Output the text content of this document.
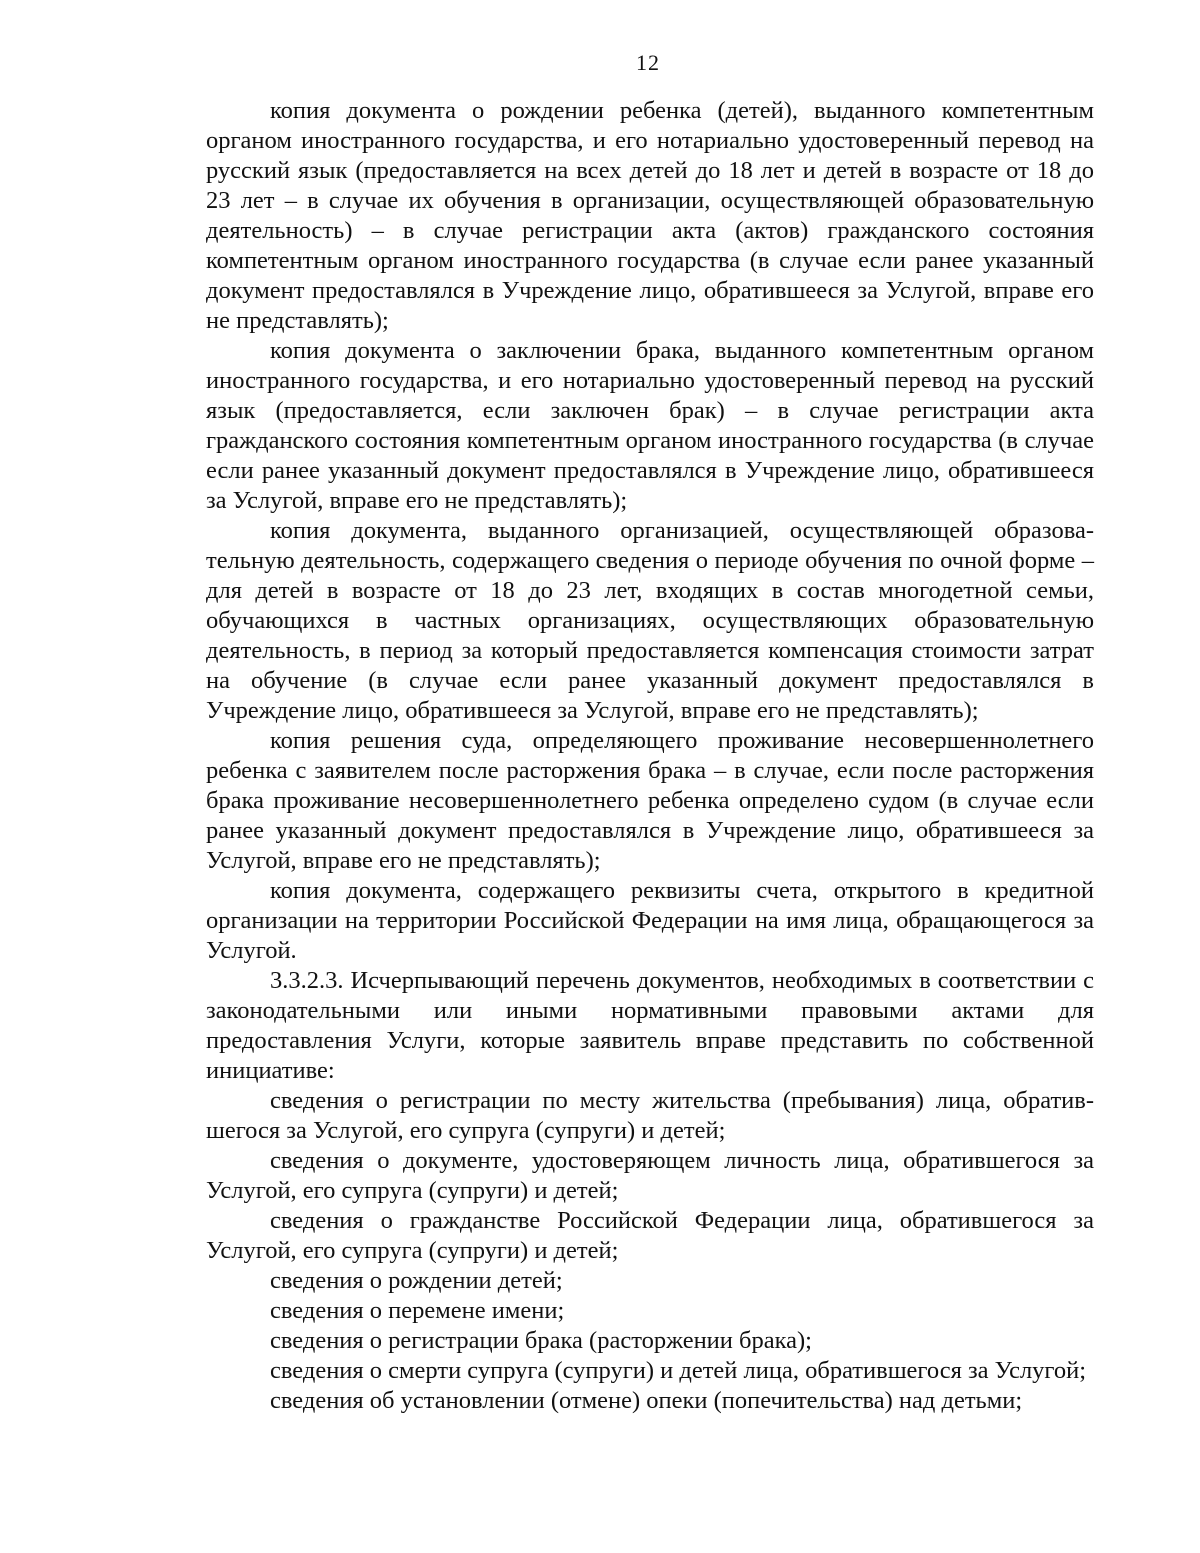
12

копия документа о рождении ребенка (детей), выданного компетентным органом иностранного государства, и его нотариально удостоверенный перевод на русский язык (предоставляется на всех детей до 18 лет и детей в возрасте от 18 до 23 лет – в случае их обучения в организации, осуществляющей образовательную деятельность) – в случае регистрации акта (актов) гражданского состояния компетентным органом иностранного государства (в случае если ранее указанный документ предоставлялся в Учреждение лицо, обратившееся за Услугой, вправе его не представлять);

копия документа о заключении брака, выданного компетентным органом иностранного государства, и его нотариально удостоверенный перевод на русский язык (предоставляется, если заключен брак) – в случае регистрации акта гражданского состояния компетентным органом иностранного государства (в случае если ранее указанный документ предоставлялся в Учреждение лицо, обратившееся за Услугой, вправе его не представлять);

копия документа, выданного организацией, осуществляющей образовательную деятельность, содержащего сведения о периоде обучения по очной форме – для детей в возрасте от 18 до 23 лет, входящих в состав многодетной семьи, обучающихся в частных организациях, осуществляющих образовательную деятельность, в период за который предоставляется компенсация стоимости затрат на обучение (в случае если ранее указанный документ предоставлялся в Учреждение лицо, обратившееся за Услугой, вправе его не представлять);

копия решения суда, определяющего проживание несовершеннолетнего ребенка с заявителем после расторжения брака – в случае, если после расторжения брака проживание несовершеннолетнего ребенка определено судом (в случае если ранее указанный документ предоставлялся в Учреждение лицо, обратившееся за Услугой, вправе его не представлять);

копия документа, содержащего реквизиты счета, открытого в кредитной организации на территории Российской Федерации на имя лица, обращающегося за Услугой.

3.3.2.3. Исчерпывающий перечень документов, необходимых в соответствии с законодательными или иными нормативными правовыми актами для предоставления Услуги, которые заявитель вправе представить по собственной инициативе:

сведения о регистрации по месту жительства (пребывания) лица, обратившегося за Услугой, его супруга (супруги) и детей;

сведения о документе, удостоверяющем личность лица, обратившегося за Услугой, его супруга (супруги) и детей;

сведения о гражданстве Российской Федерации лица, обратившегося за Услугой, его супруга (супруги) и детей;

сведения о рождении детей;

сведения о перемене имени;

сведения о регистрации брака (расторжении брака);

сведения о смерти супруга (супруги) и детей лица, обратившегося за Услугой;

сведения об установлении (отмене) опеки (попечительства) над детьми;
